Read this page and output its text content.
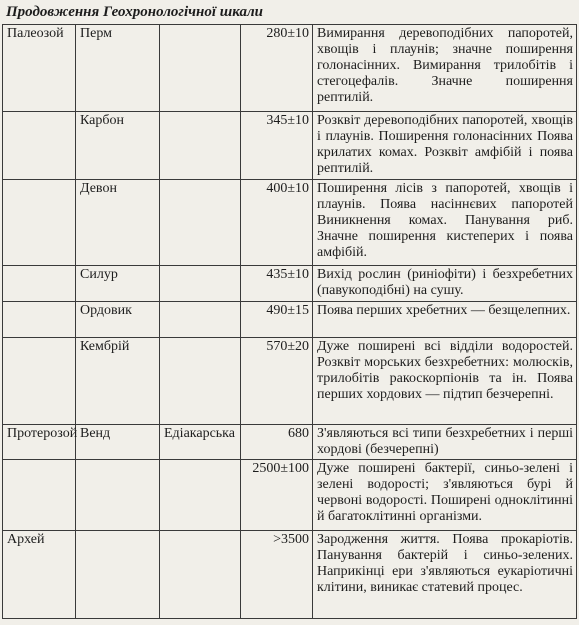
Продовження Геохронологічної шкали
Палеозой	Перм		280±10	Вимирання деревоподібних папоротей, хвощів і плаунів; значне поширення голонасінних. Вимирання трилобітів і стегоцефалів. Значне поширення рептилій.
	Карбон		345±10	Розквіт деревоподібних папоротей, хвощів і плаунів. Поширення голонасінних Поява крилатих комах. Розквіт амфібій і поява рептилій.
	Девон		400±10	Поширення лісів з папоротей, хвощів і плаунів. Поява насіннєвих папоротей Виникнення комах. Панування риб. Значне поширення кистеперих і поява амфібій.
	Силур		435±10	Вихід рослин (риніофіти) і безхребетних (павукоподібні) на сушу.
	Ордовик		490±15	Поява перших хребетних — безщелепних.
	Кембрій		570±20	Дуже поширені всі відділи водоростей. Розквіт морських безхребетних: молюсків, трилобітів ракоскорпіонів та ін. Поява перших хордових — підтип безчерепні.
Протерозой	Венд	Едіакарська	680	З'являються всі типи безхребетних і перші хордові (безчерепні)
			2500±100	Дуже поширені бактерії, синьо-зелені і зелені водорості; з'являються бурі й червоні водорості. Поширені одноклітинні й багатоклітинні організми.
Архей			>3500	Зародження життя. Поява прокаріотів. Панування бактерій і синьо-зелених. Наприкінці ери з'являються еукаріотичні клітини, виникає статевий процес.
